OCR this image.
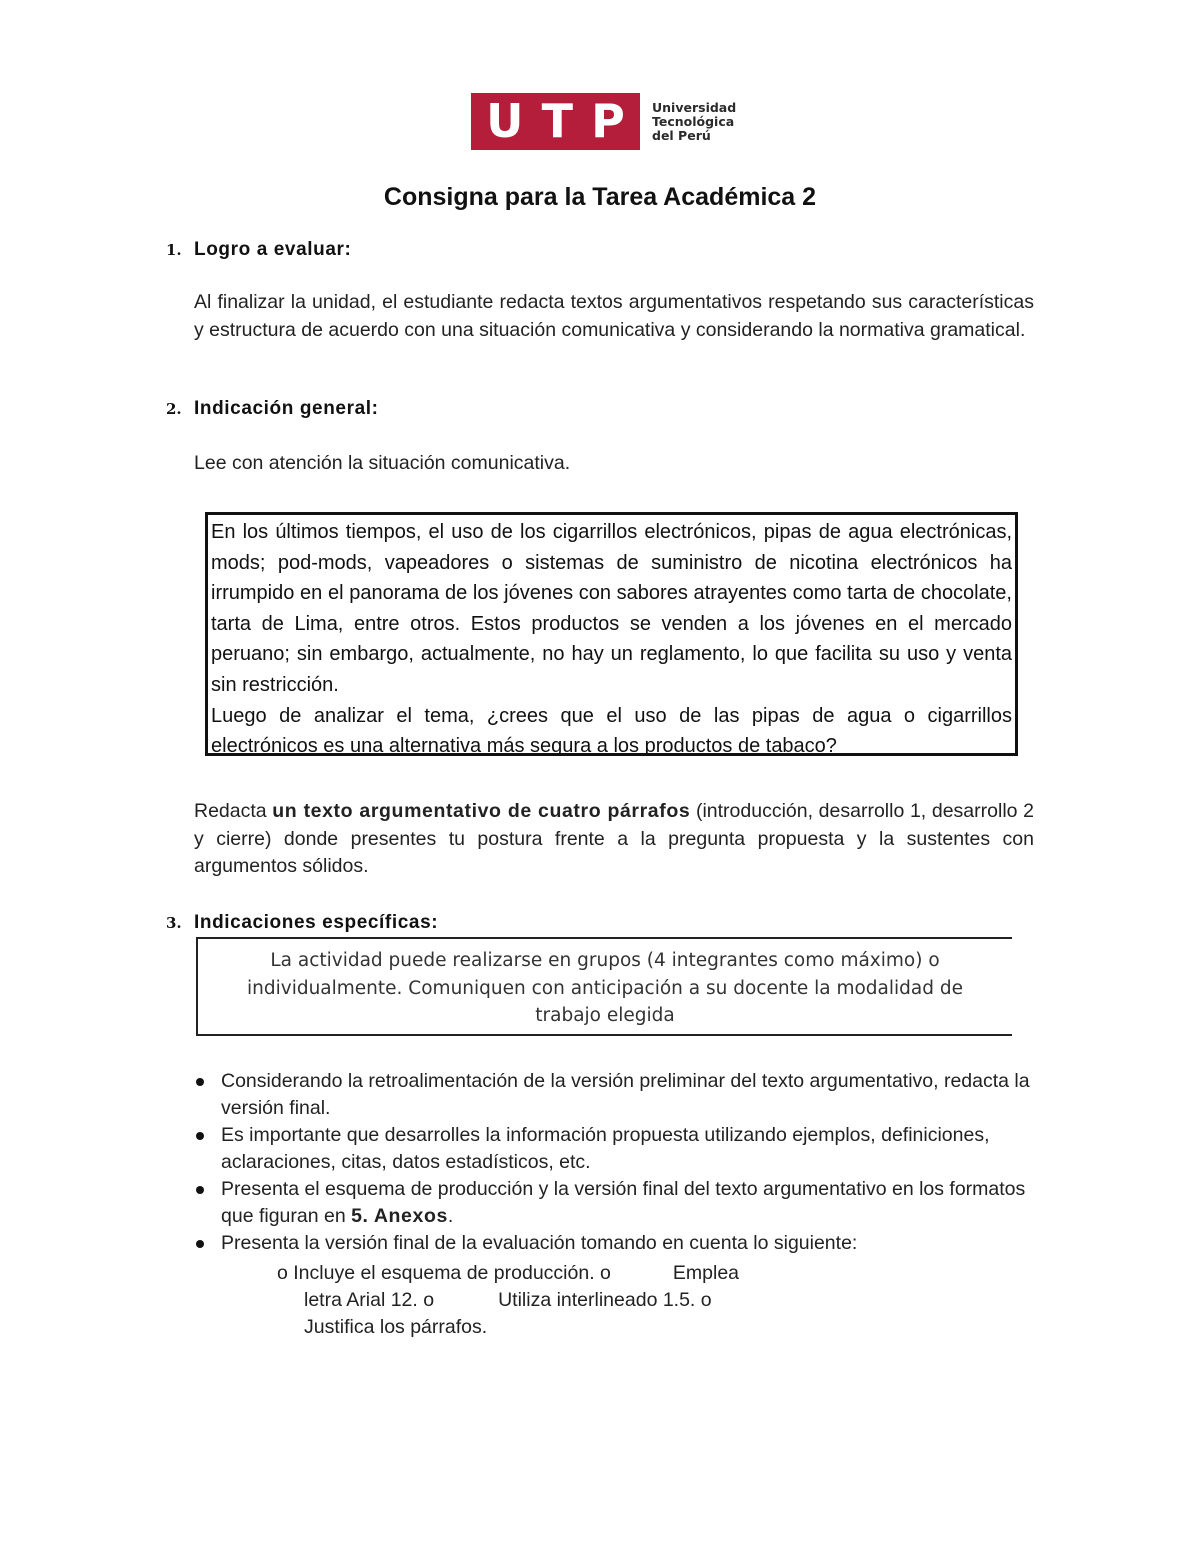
U T P Universidad
Tecnológica
del Perú
Consigna para la Tarea Académica 2
1. Logro a evaluar:

Al finalizar la unidad, el estudiante redacta textos argumentativos respetando sus características y estructura de acuerdo con una situación comunicativa y considerando la normativa gramatical.

2. Indicación general:

Lee con atención la situación comunicativa.

En los últimos tiempos, el uso de los cigarrillos electrónicos, pipas de agua electrónicas, mods; pod-mods, vapeadores o sistemas de suministro de nicotina electrónicos ha irrumpido en el panorama de los jóvenes con sabores atrayentes como tarta de chocolate, tarta de Lima, entre otros. Estos productos se venden a los jóvenes en el mercado peruano; sin embargo, actualmente, no hay un reglamento, lo que facilita su uso y venta sin restricción.

Luego de analizar el tema, ¿crees que el uso de las pipas de agua o cigarrillos electrónicos es una alternativa más segura a los productos de tabaco?

Redacta un texto argumentativo de cuatro párrafos (introducción, desarrollo 1, desarrollo 2 y cierre) donde presentes tu postura frente a la pregunta propuesta y la sustentes con argumentos sólidos.

3. Indicaciones específicas:
La actividad puede realizarse en grupos (4 integrantes como máximo) o individualmente. Comuniquen con anticipación a su docente la modalidad de trabajo elegida
Considerando la retroalimentación de la versión preliminar del texto argumentativo, redacta la versión final.
Es importante que desarrolles la información propuesta utilizando ejemplos, definiciones, aclaraciones, citas, datos estadísticos, etc.
Presenta el esquema de producción y la versión final del texto argumentativo en los formatos que figuran en 5. Anexos.
Presenta la versión final de la evaluación tomando en cuenta lo siguiente:
o Incluye el esquema de producción. o	Emplea
letra Arial 12. o	Utiliza interlineado 1.5. o
Justifica los párrafos.
